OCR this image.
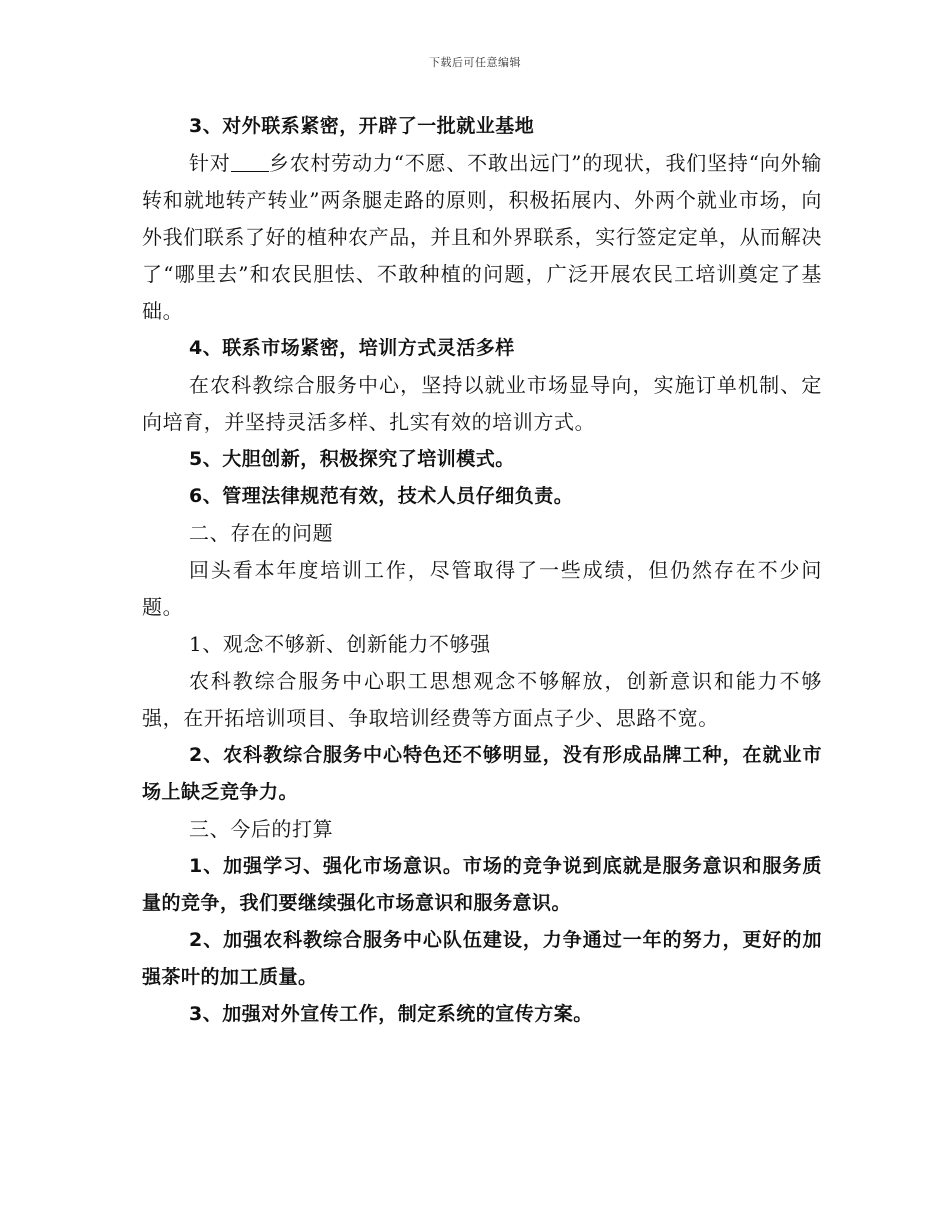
下载后可任意编辑

3、对外联系紧密，开辟了一批就业基地

针对 乡农村劳动力“不愿、不敢出远门”的现状，我们坚持“向外输转和就地转产转业”两条腿走路的原则，积极拓展内、外两个就业市场，向外我们联系了好的植种农产品，并且和外界联系，实行签定定单，从而解决了“哪里去”和农民胆怯、不敢种植的问题，广泛开展农民工培训奠定了基础。

4、联系市场紧密，培训方式灵活多样

在农科教综合服务中心，坚持以就业市场显导向，实施订单机制、定向培育，并坚持灵活多样、扎实有效的培训方式。

5、大胆创新，积极探究了培训模式。

6、管理法律规范有效，技术人员仔细负责。

二、存在的问题

回头看本年度培训工作，尽管取得了一些成绩，但仍然存在不少问题。

1、观念不够新、创新能力不够强

农科教综合服务中心职工思想观念不够解放，创新意识和能力不够强，在开拓培训项目、争取培训经费等方面点子少、思路不宽。

2、农科教综合服务中心特色还不够明显，没有形成品牌工种，在就业市场上缺乏竞争力。

三、今后的打算

1、加强学习、强化市场意识。市场的竞争说到底就是服务意识和服务质量的竞争，我们要继续强化市场意识和服务意识。

2、加强农科教综合服务中心队伍建设，力争通过一年的努力，更好的加强茶叶的加工质量。

3、加强对外宣传工作，制定系统的宣传方案。
